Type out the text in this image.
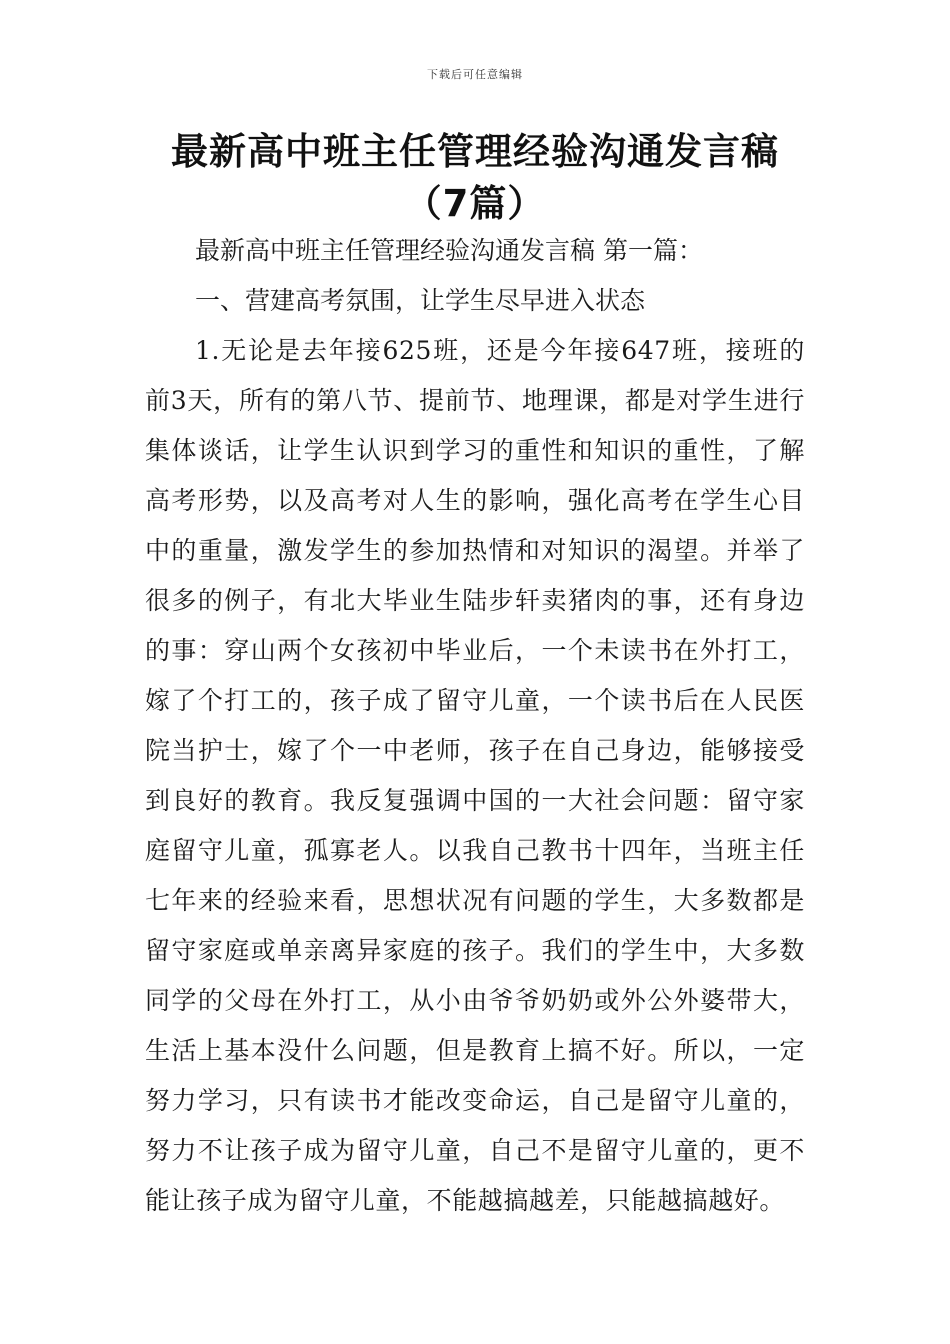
下载后可任意编辑
最新高中班主任管理经验沟通发言稿（7篇）

最新高中班主任管理经验沟通发言稿 第一篇：

一、营建高考氛围，让学生尽早进入状态

1.无论是去年接625班，还是今年接647班，接班的前3天，所有的第八节、提前节、地理课，都是对学生进行集体谈话，让学生认识到学习的重性和知识的重性，了解高考形势，以及高考对人生的影响，强化高考在学生心目中的重量，激发学生的参加热情和对知识的渴望。并举了很多的例子，有北大毕业生陆步轩卖猪肉的事，还有身边的事：穿山两个女孩初中毕业后，一个未读书在外打工，嫁了个打工的，孩子成了留守儿童，一个读书后在人民医院当护士，嫁了个一中老师，孩子在自己身边，能够接受到良好的教育。我反复强调中国的一大社会问题：留守家庭留守儿童，孤寡老人。以我自己教书十四年，当班主任七年来的经验来看，思想状况有问题的学生，大多数都是留守家庭或单亲离异家庭的孩子。我们的学生中，大多数同学的父母在外打工，从小由爷爷奶奶或外公外婆带大，生活上基本没什么问题，但是教育上搞不好。所以，一定努力学习，只有读书才能改变命运，自己是留守儿童的，努力不让孩子成为留守儿童，自己不是留守儿童的，更不能让孩子成为留守儿童，不能越搞越差，只能越搞越好。
